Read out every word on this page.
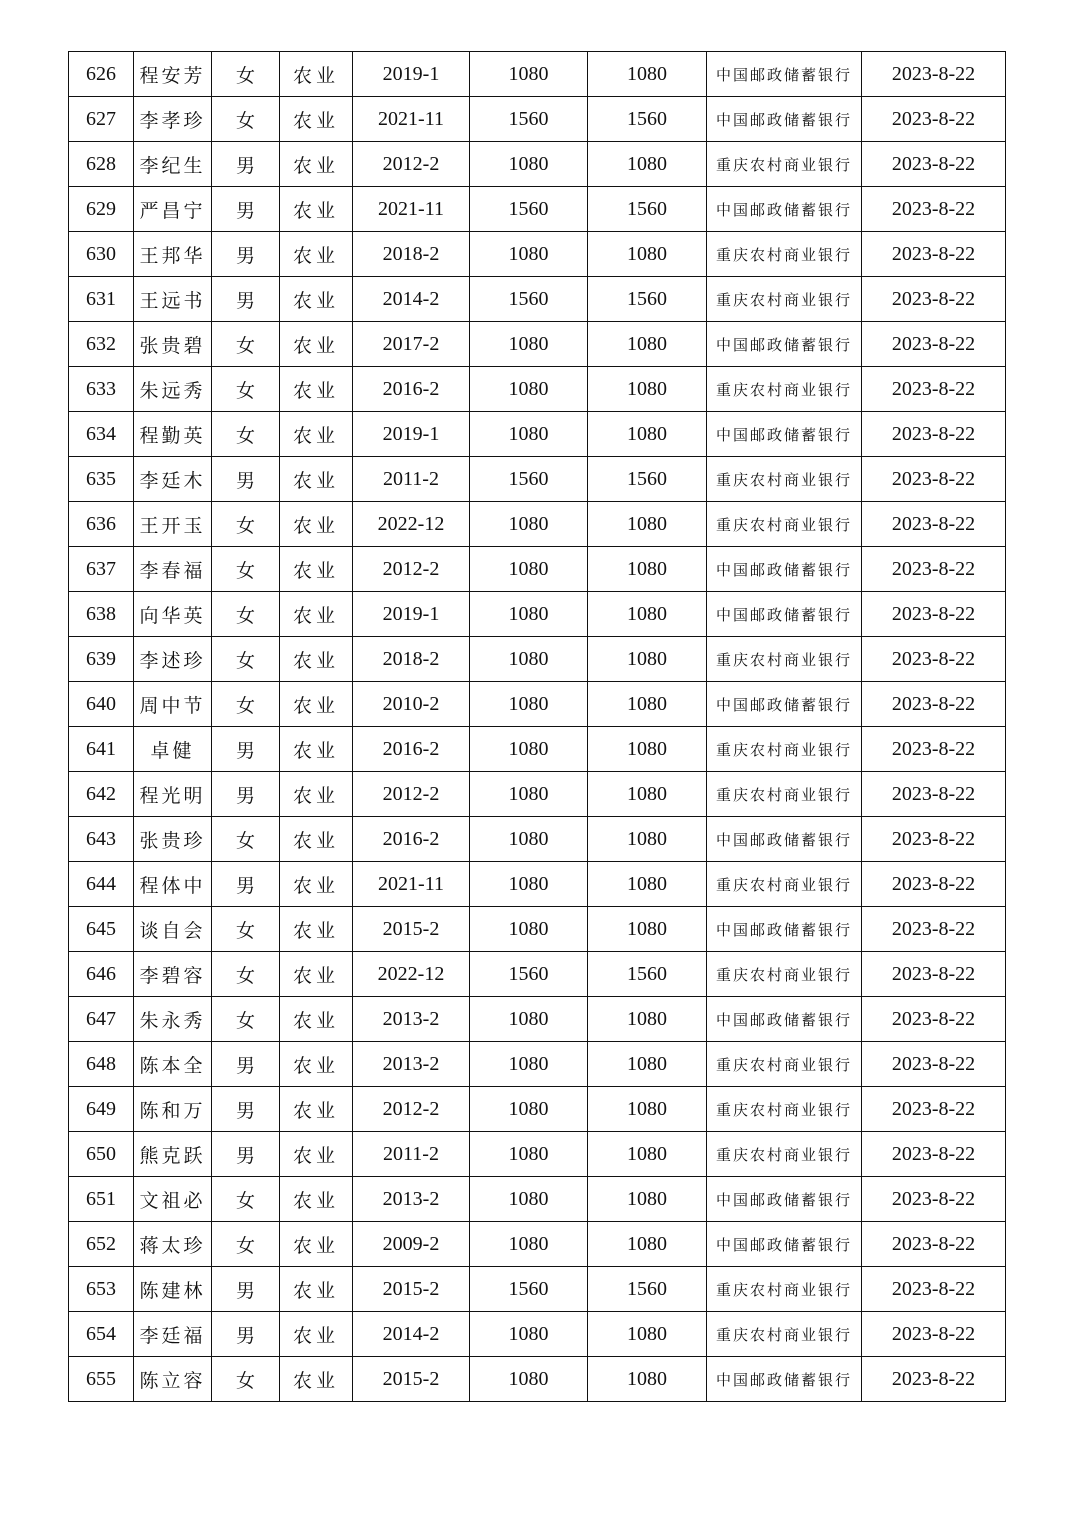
626	程安芳	女	农业	2019-1	1080	1080	中国邮政储蓄银行	2023-8-22
627	李孝珍	女	农业	2021-11	1560	1560	中国邮政储蓄银行	2023-8-22
628	李纪生	男	农业	2012-2	1080	1080	重庆农村商业银行	2023-8-22
629	严昌宁	男	农业	2021-11	1560	1560	中国邮政储蓄银行	2023-8-22
630	王邦华	男	农业	2018-2	1080	1080	重庆农村商业银行	2023-8-22
631	王远书	男	农业	2014-2	1560	1560	重庆农村商业银行	2023-8-22
632	张贵碧	女	农业	2017-2	1080	1080	中国邮政储蓄银行	2023-8-22
633	朱远秀	女	农业	2016-2	1080	1080	重庆农村商业银行	2023-8-22
634	程勤英	女	农业	2019-1	1080	1080	中国邮政储蓄银行	2023-8-22
635	李廷木	男	农业	2011-2	1560	1560	重庆农村商业银行	2023-8-22
636	王开玉	女	农业	2022-12	1080	1080	重庆农村商业银行	2023-8-22
637	李春福	女	农业	2012-2	1080	1080	中国邮政储蓄银行	2023-8-22
638	向华英	女	农业	2019-1	1080	1080	中国邮政储蓄银行	2023-8-22
639	李述珍	女	农业	2018-2	1080	1080	重庆农村商业银行	2023-8-22
640	周中节	女	农业	2010-2	1080	1080	中国邮政储蓄银行	2023-8-22
641	卓健	男	农业	2016-2	1080	1080	重庆农村商业银行	2023-8-22
642	程光明	男	农业	2012-2	1080	1080	重庆农村商业银行	2023-8-22
643	张贵珍	女	农业	2016-2	1080	1080	中国邮政储蓄银行	2023-8-22
644	程体中	男	农业	2021-11	1080	1080	重庆农村商业银行	2023-8-22
645	谈自会	女	农业	2015-2	1080	1080	中国邮政储蓄银行	2023-8-22
646	李碧容	女	农业	2022-12	1560	1560	重庆农村商业银行	2023-8-22
647	朱永秀	女	农业	2013-2	1080	1080	中国邮政储蓄银行	2023-8-22
648	陈本全	男	农业	2013-2	1080	1080	重庆农村商业银行	2023-8-22
649	陈和万	男	农业	2012-2	1080	1080	重庆农村商业银行	2023-8-22
650	熊克跃	男	农业	2011-2	1080	1080	重庆农村商业银行	2023-8-22
651	文祖必	女	农业	2013-2	1080	1080	中国邮政储蓄银行	2023-8-22
652	蒋太珍	女	农业	2009-2	1080	1080	中国邮政储蓄银行	2023-8-22
653	陈建林	男	农业	2015-2	1560	1560	重庆农村商业银行	2023-8-22
654	李廷福	男	农业	2014-2	1080	1080	重庆农村商业银行	2023-8-22
655	陈立容	女	农业	2015-2	1080	1080	中国邮政储蓄银行	2023-8-22
